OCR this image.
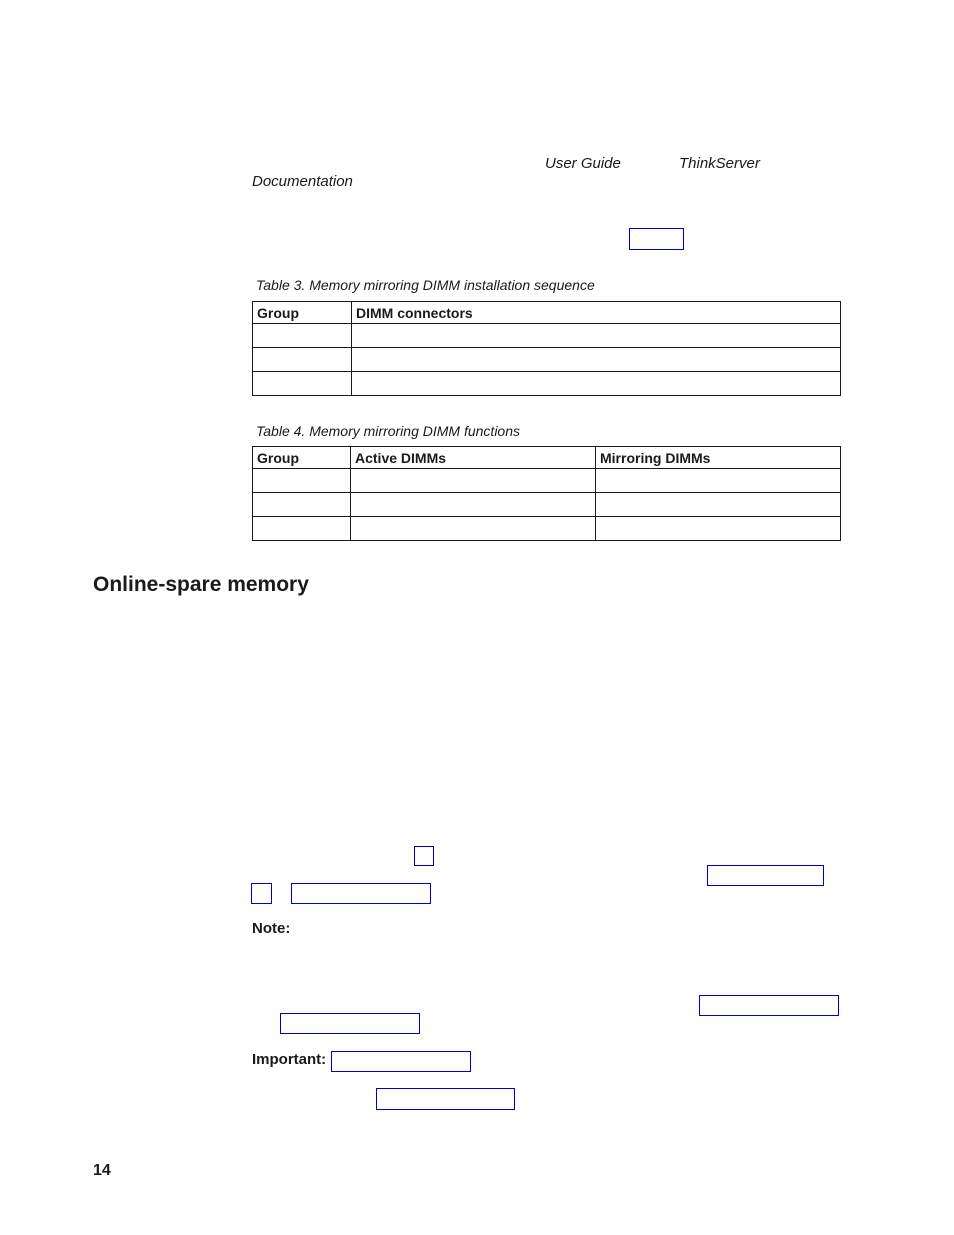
User Guide	ThinkServer
Documentation
Table 3. Memory mirroring DIMM installation sequence
Group	DIMM connectors

Table 4. Memory mirroring DIMM functions
Group	Active DIMMs	Mirroring DIMMs

Online-spare memory
Note:
Important:
14
